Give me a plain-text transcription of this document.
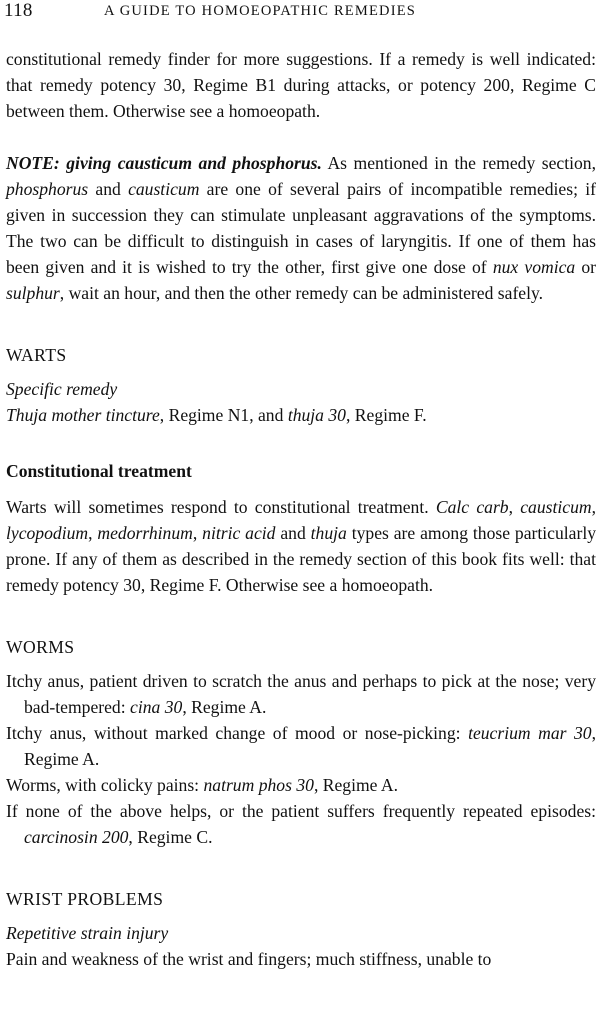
118	A GUIDE TO HOMOEOPATHIC REMEDIES

constitutional remedy finder for more suggestions. If a remedy is well indicated: that remedy potency 30, Regime B1 during attacks, or potency 200, Regime C between them. Otherwise see a homoeopath.

NOTE: giving causticum and phosphorus. As mentioned in the remedy section, phosphorus and causticum are one of several pairs of incompatible remedies; if given in succession they can stimulate unpleasant aggravations of the symptoms. The two can be difficult to distinguish in cases of laryngitis. If one of them has been given and it is wished to try the other, first give one dose of nux vomica or sulphur, wait an hour, and then the other remedy can be administered safely.

WARTS
Specific remedy

Thuja mother tincture, Regime N1, and thuja 30, Regime F.

Constitutional treatment

Warts will sometimes respond to constitutional treatment. Calc carb, causticum, lycopodium, medorrhinum, nitric acid and thuja types are among those particularly prone. If any of them as described in the remedy section of this book fits well: that remedy potency 30, Regime F. Otherwise see a homoeopath.

WORMS

Itchy anus, patient driven to scratch the anus and perhaps to pick at the nose; very bad-tempered: cina 30, Regime A.

Itchy anus, without marked change of mood or nose-picking: teucrium mar 30, Regime A.

Worms, with colicky pains: natrum phos 30, Regime A.

If none of the above helps, or the patient suffers frequently repeated episodes: carcinosin 200, Regime C.

WRIST PROBLEMS
Repetitive strain injury

Pain and weakness of the wrist and fingers; much stiffness, unable to
